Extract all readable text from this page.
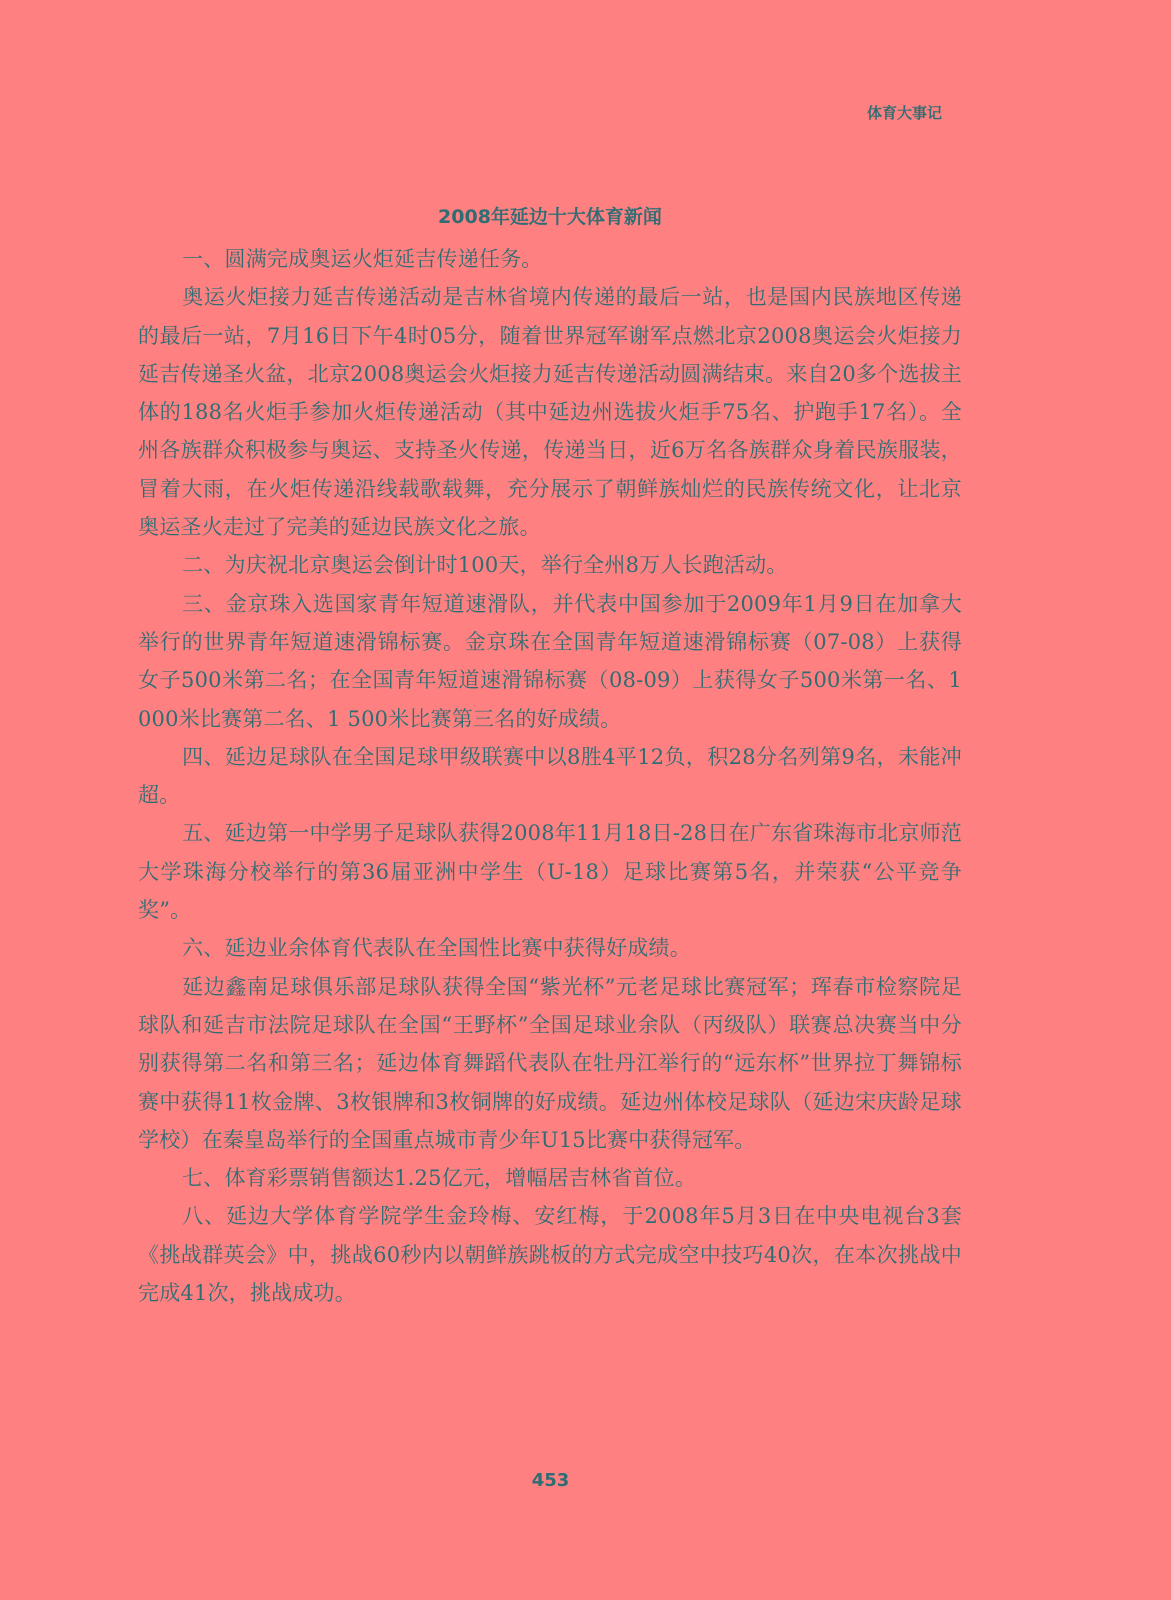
体育大事记
2008年延边十大体育新闻

一、圆满完成奥运火炬延吉传递任务。

奥运火炬接力延吉传递活动是吉林省境内传递的最后一站，也是国内民族地区传递的最后一站，7月16日下午4时05分，随着世界冠军谢军点燃北京2008奥运会火炬接力延吉传递圣火盆，北京2008奥运会火炬接力延吉传递活动圆满结束。来自20多个选拔主体的188名火炬手参加火炬传递活动（其中延边州选拔火炬手75名、护跑手17名）。全州各族群众积极参与奥运、支持圣火传递，传递当日，近6万名各族群众身着民族服装，冒着大雨，在火炬传递沿线载歌载舞，充分展示了朝鲜族灿烂的民族传统文化，让北京奥运圣火走过了完美的延边民族文化之旅。

二、为庆祝北京奥运会倒计时100天，举行全州8万人长跑活动。

三、金京珠入选国家青年短道速滑队，并代表中国参加于2009年1月9日在加拿大举行的世界青年短道速滑锦标赛。金京珠在全国青年短道速滑锦标赛（07-08）上获得女子500米第二名；在全国青年短道速滑锦标赛（08-09）上获得女子500米第一名、1 000米比赛第二名、1 500米比赛第三名的好成绩。

四、延边足球队在全国足球甲级联赛中以8胜4平12负，积28分名列第9名，未能冲超。

五、延边第一中学男子足球队获得2008年11月18日-28日在广东省珠海市北京师范大学珠海分校举行的第36届亚洲中学生（U-18）足球比赛第5名，并荣获“公平竞争奖”。

六、延边业余体育代表队在全国性比赛中获得好成绩。

延边鑫南足球俱乐部足球队获得全国“紫光杯”元老足球比赛冠军；珲春市检察院足球队和延吉市法院足球队在全国“王野杯”全国足球业余队（丙级队）联赛总决赛当中分别获得第二名和第三名；延边体育舞蹈代表队在牡丹江举行的“远东杯”世界拉丁舞锦标赛中获得11枚金牌、3枚银牌和3枚铜牌的好成绩。延边州体校足球队（延边宋庆龄足球学校）在秦皇岛举行的全国重点城市青少年U15比赛中获得冠军。

七、体育彩票销售额达1.25亿元，增幅居吉林省首位。

八、延边大学体育学院学生金玲梅、安红梅，于2008年5月3日在中央电视台3套《挑战群英会》中，挑战60秒内以朝鲜族跳板的方式完成空中技巧40次，在本次挑战中完成41次，挑战成功。

453
